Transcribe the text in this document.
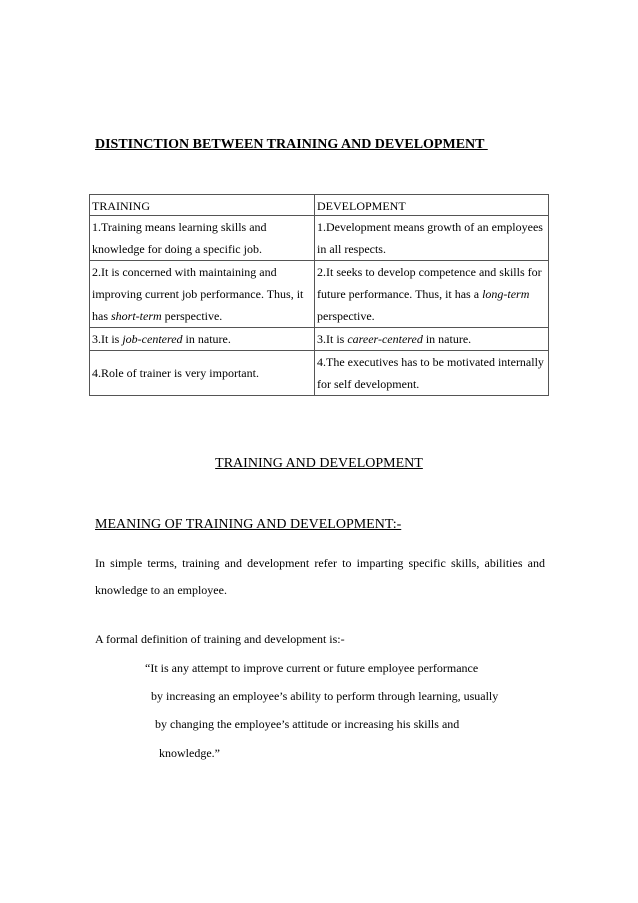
DISTINCTION BETWEEN TRAINING AND DEVELOPMENT
TRAINING	DEVELOPMENT
1.Training means learning skills and knowledge for doing a specific job.	1.Development means growth of an employees in all respects.
2.It is concerned with maintaining and improving current job performance. Thus, it has short-term perspective.	2.It seeks to develop competence and skills for future performance. Thus, it has a long-term perspective.
3.It is job-centered in nature.	3.It is career-centered in nature.
4.Role of trainer is very important.	4.The executives has to be motivated internally for self development.
TRAINING AND DEVELOPMENT
MEANING OF TRAINING AND DEVELOPMENT:-
In simple terms, training and development refer to imparting specific skills, abilities and knowledge to an employee.
A formal definition of training and development is:-
“It is any attempt to improve current or future employee performance
by increasing an employee’s ability to perform through learning, usually
by changing the employee’s attitude or increasing his skills and
knowledge.”
